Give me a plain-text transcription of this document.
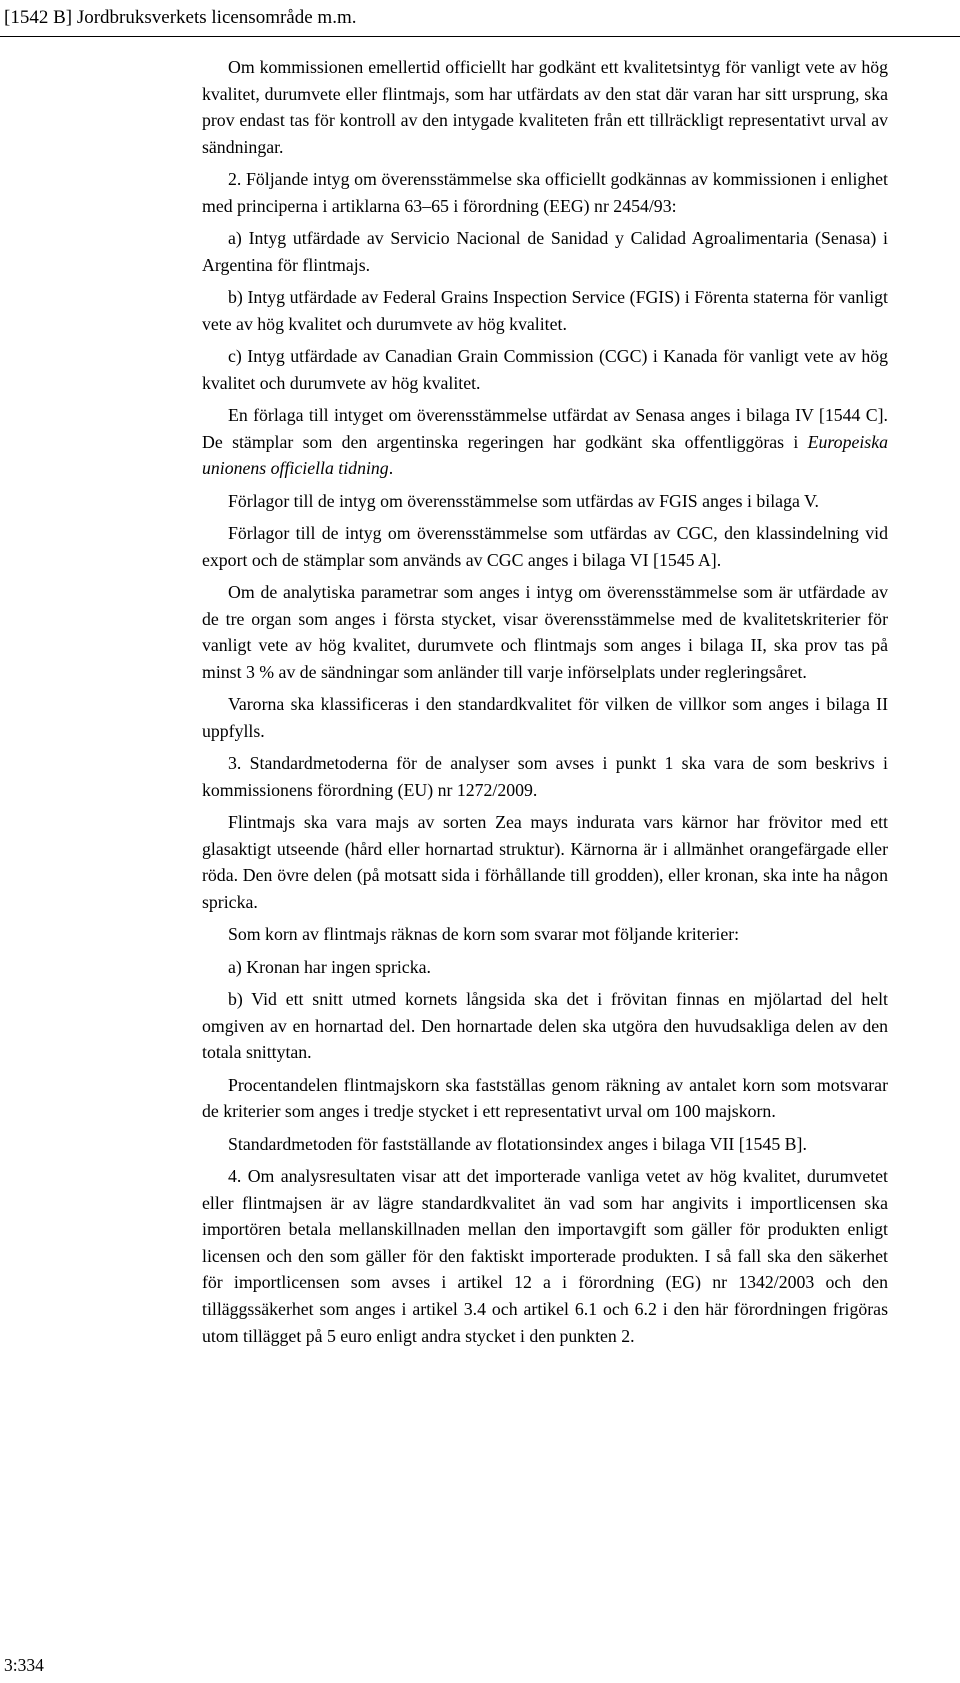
[1542 B] Jordbruksverkets licensområde m.m.

Om kommissionen emellertid officiellt har godkänt ett kvalitetsintyg för vanligt vete av hög kvalitet, durumvete eller flintmajs, som har utfärdats av den stat där varan har sitt ursprung, ska prov endast tas för kontroll av den intygade kvaliteten från ett tillräckligt representativt urval av sändningar.

2. Följande intyg om överensstämmelse ska officiellt godkännas av kommissionen i enlighet med principerna i artiklarna 63–65 i förordning (EEG) nr 2454/93:

a) Intyg utfärdade av Servicio Nacional de Sanidad y Calidad Agroalimentaria (Senasa) i Argentina för flintmajs.

b) Intyg utfärdade av Federal Grains Inspection Service (FGIS) i Förenta staterna för vanligt vete av hög kvalitet och durumvete av hög kvalitet.

c) Intyg utfärdade av Canadian Grain Commission (CGC) i Kanada för vanligt vete av hög kvalitet och durumvete av hög kvalitet.

En förlaga till intyget om överensstämmelse utfärdat av Senasa anges i bilaga IV [1544 C]. De stämplar som den argentinska regeringen har godkänt ska offentliggöras i Europeiska unionens officiella tidning.

Förlagor till de intyg om överensstämmelse som utfärdas av FGIS anges i bilaga V.

Förlagor till de intyg om överensstämmelse som utfärdas av CGC, den klassindelning vid export och de stämplar som används av CGC anges i bilaga VI [1545 A].

Om de analytiska parametrar som anges i intyg om överensstämmelse som är utfärdade av de tre organ som anges i första stycket, visar överensstämmelse med de kvalitetskriterier för vanligt vete av hög kvalitet, durumvete och flintmajs som anges i bilaga II, ska prov tas på minst 3 % av de sändningar som anländer till varje införselplats under regleringsåret.

Varorna ska klassificeras i den standardkvalitet för vilken de villkor som anges i bilaga II uppfylls.

3. Standardmetoderna för de analyser som avses i punkt 1 ska vara de som beskrivs i kommissionens förordning (EU) nr 1272/2009.

Flintmajs ska vara majs av sorten Zea mays indurata vars kärnor har frövitor med ett glasaktigt utseende (hård eller hornartad struktur). Kärnorna är i allmänhet orangefärgade eller röda. Den övre delen (på motsatt sida i förhållande till grodden), eller kronan, ska inte ha någon spricka.

Som korn av flintmajs räknas de korn som svarar mot följande kriterier:

a) Kronan har ingen spricka.

b) Vid ett snitt utmed kornets långsida ska det i frövitan finnas en mjölartad del helt omgiven av en hornartad del. Den hornartade delen ska utgöra den huvudsakliga delen av den totala snittytan.

Procentandelen flintmajskorn ska fastställas genom räkning av antalet korn som motsvarar de kriterier som anges i tredje stycket i ett representativt urval om 100 majskorn.

Standardmetoden för fastställande av flotationsindex anges i bilaga VII [1545 B].

4. Om analysresultaten visar att det importerade vanliga vetet av hög kvalitet, durumvetet eller flintmajsen är av lägre standardkvalitet än vad som har angivits i importlicensen ska importören betala mellanskillnaden mellan den importavgift som gäller för produkten enligt licensen och den som gäller för den faktiskt importerade produkten. I så fall ska den säkerhet för importlicensen som avses i artikel 12 a i förordning (EG) nr 1342/2003 och den tilläggssäkerhet som anges i artikel 3.4 och artikel 6.1 och 6.2 i den här förordningen frigöras utom tillägget på 5 euro enligt andra stycket i den punkten 2.

3:334
